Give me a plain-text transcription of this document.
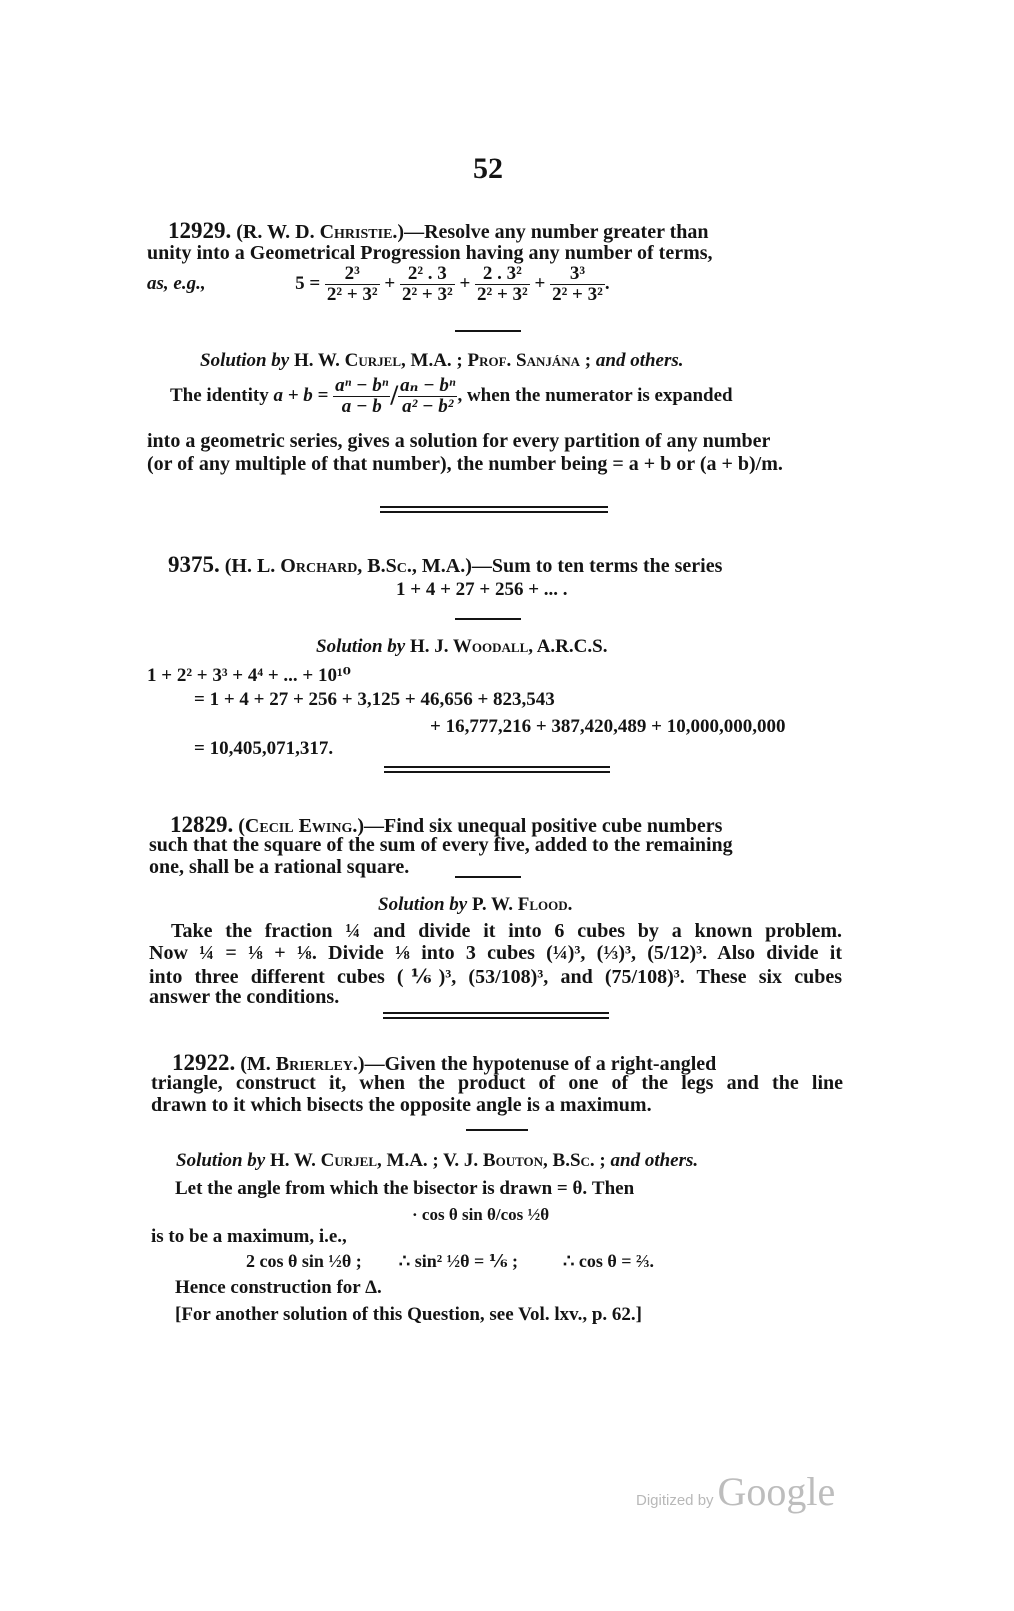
52
12929. (R. W. D. Christie.)—Resolve any number greater than
unity into a Geometrical Progression having any number of terms,
as, e.g.,	$5 = \frac{\text{2³}}{\text{2² + 3²}} + \frac{\text{2² . 3}}{\text{2² + 3²}} + \frac{\text{2 . 3²}}{\text{2² + 3²}} + \frac{\text{3³}}{\text{2² + 3²}}$ .
Solution by H. W. Curjel, M.A. ; Prof. Sanjána ; and others.
The identity $a + b = \frac{\text{aⁿ − bⁿ}}{a - b} / \frac{\text{aₙ − bⁿ}}{\text{a² − b²}}$ , when the numerator is expanded
into a geometric series, gives a solution for every partition of any number
(or of any multiple of that number), the number being = a + b or (a + b)/m.
9375. (H. L. Orchard, B.Sc., M.A.)—Sum to ten terms the series
1 + 4 + 27 + 256 + ... .
Solution by H. J. Woodall, A.R.C.S.
1 + 2² + 3³ + 4⁴ + ... + 10¹⁰
= 1 + 4 + 27 + 256 + 3,125 + 46,656 + 823,543
+ 16,777,216 + 387,420,489 + 10,000,000,000
= 10,405,071,317.
12829. (Cecil Ewing.)—Find six unequal positive cube numbers
such that the square of the sum of every five, added to the remaining
one, shall be a rational square.
Solution by P. W. Flood.
Take the fraction ¼ and divide it into 6 cubes by a known problem.
Now ¼ = ⅛ + ⅛. Divide ⅛ into 3 cubes (¼)³, (⅓)³, (5/12)³. Also divide it
into three different cubes (⅙)³, (53/108)³, and (75/108)³. These six cubes
answer the conditions.
12922. (M. Brierley.)—Given the hypotenuse of a right-angled
triangle, construct it, when the product of one of the legs and the line
drawn to it which bisects the opposite angle is a maximum.
Solution by H. W. Curjel, M.A. ; V. J. Bouton, B.Sc. ; and others.
Let the angle from which the bisector is drawn = θ. Then
· cos θ sin θ/cos ½θ
is to be a maximum, i.e.,
2 cos θ sin ½θ ; ∴ sin² ½θ = ⅙ ;	∴ cos θ = ⅔.
Hence construction for Δ.
[For another solution of this Question, see Vol. lxv., p. 62.]
Digitized by Google
